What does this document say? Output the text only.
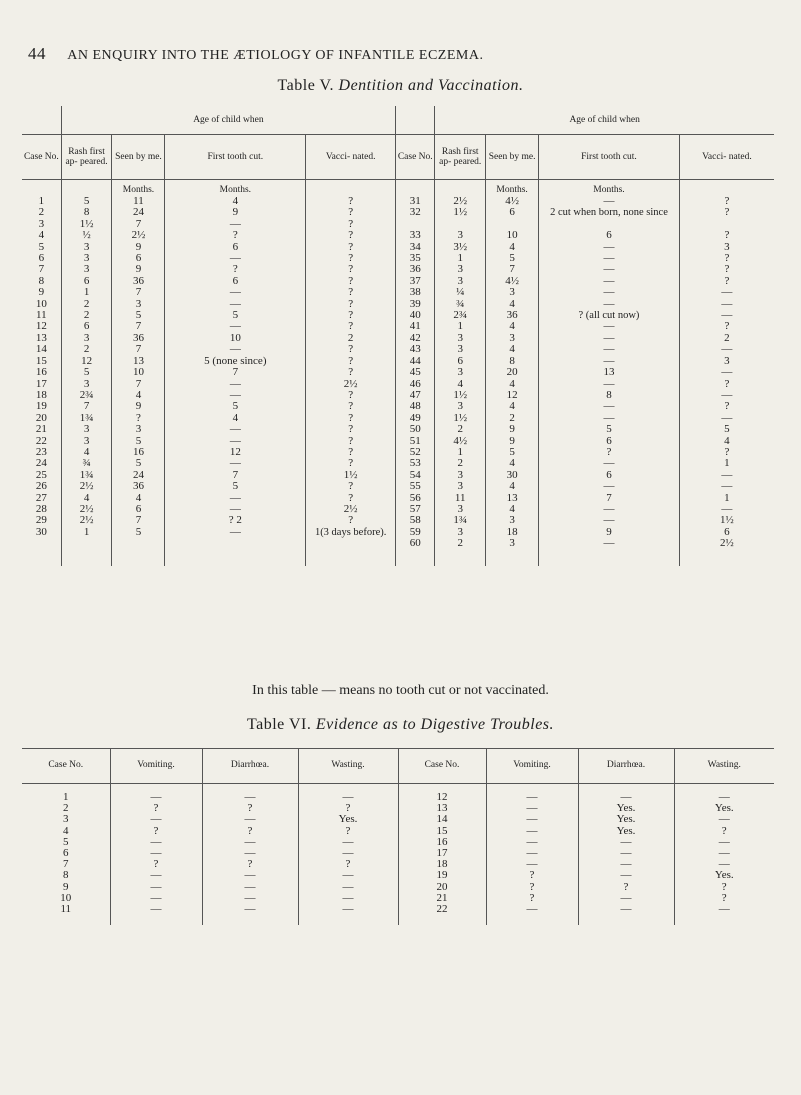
44 AN ENQUIRY INTO THE ÆTIOLOGY OF INFANTILE ECZEMA.
Table V. Dentition and Vaccination.
	Age of child when					Age of child when			
Case No.	Rash first ap- peared.	Seen by me.	First tooth cut.	Vacci- nated.	Case No.	Rash first ap- peared.	Seen by me.	First tooth cut.	Vacci- nated.
		Months.	Months.				Months.	Months.	
1	5	11	4	?	31	2½	4½	—	?
2	8	24	9	?	32	1½	6	2 cut when born, none since	?
3	1½	7	—	?					
4	½	2½	?	?	33	3	10	6	?
5	3	9	6	?	34	3½	4	—	3
6	3	6	—	?	35	1	5	—	?
7	3	9	?	?	36	3	7	—	?
8	6	36	6	?	37	3	4½	—	?
9	1	7	—	?	38	¼	3	—	—
10	2	3	—	?	39	¾	4	—	—
11	2	5	5	?	40	2¾	36	? (all cut now)	—
12	6	7	—	?	41	1	4	—	?
13	3	36	10	2	42	3	3	—	2
14	2	7	—	?	43	3	4	—	—
15	12	13	5 (none since)	?	44	6	8	—	3
16	5	10	7	?	45	3	20	13	—
17	3	7	—	2½	46	4	4	—	?
18	2¾	4	—	?	47	1½	12	8	—
19	7	9	5	?	48	3	4	—	?
20	1¾	?	4	?	49	1½	2	—	—
21	3	3	—	?	50	2	9	5	5
22	3	5	—	?	51	4½	9	6	4
23	4	16	12	?	52	1	5	?	?
24	¾	5	—	?	53	2	4	—	1
25	1¾	24	7	1½	54	3	30	6	—
26	2½	36	5	?	55	3	4	—	—
27	4	4	—	?	56	11	13	7	1
28	2½	6	—	2½	57	3	4	—	—
29	2½	7	? 2	?	58	1¾	3	—	1½
30	1	5	—	1(3 days before).	59	3	18	9	6
					60	2	3	—	2½
In this table — means no tooth cut or not vaccinated.
Table VI. Evidence as to Digestive Troubles.
Case No.	Vomiting.	Diarrhœa.	Wasting.	Case No.	Vomiting.	Diarrhœa.	Wasting.
1	—	—	—	12	—	—	—
2	?	?	?	13	—	Yes.	Yes.
3	—	—	Yes.	14	—	Yes.	—
4	?	?	?	15	—	Yes.	?
5	—	—	—	16	—	—	—
6	—	—	—	17	—	—	—
7	?	?	?	18	—	—	—
8	—	—	—	19	?	—	Yes.
9	—	—	—	20	?	?	?
10	—	—	—	21	?	—	?
11	—	—	—	22	—	—	—
